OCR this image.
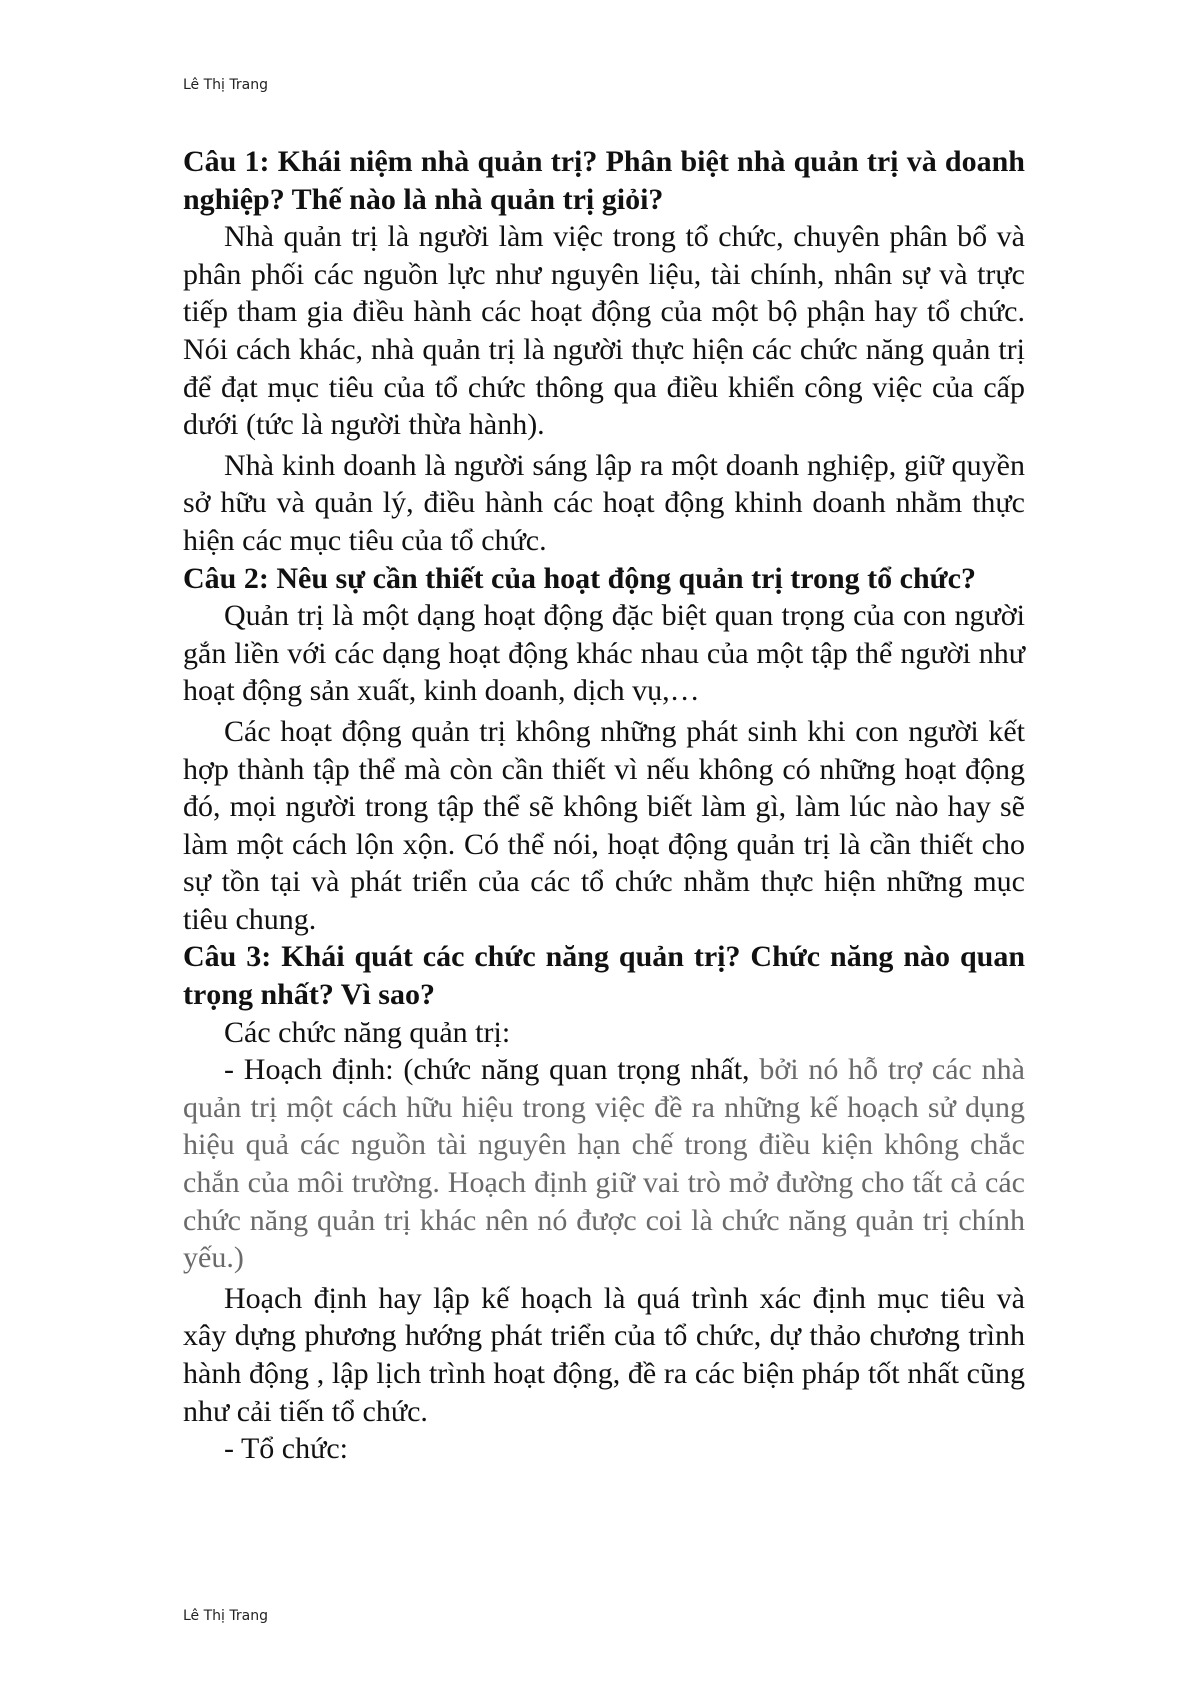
Lê Thị Trang

Câu 1: Khái niệm nhà quản trị? Phân biệt nhà quản trị và doanh nghiệp? Thế nào là nhà quản trị giỏi?

Nhà quản trị là người làm việc trong tổ chức, chuyên phân bổ và phân phối các nguồn lực như nguyên liệu, tài chính, nhân sự và trực tiếp tham gia điều hành các hoạt động của một bộ phận hay tổ chức. Nói cách khác, nhà quản trị là người thực hiện các chức năng quản trị để đạt mục tiêu của tổ chức thông qua điều khiển công việc của cấp dưới (tức là người thừa hành).

Nhà kinh doanh là người sáng lập ra một doanh nghiệp, giữ quyền sở hữu và quản lý, điều hành các hoạt động khinh doanh nhằm thực hiện các mục tiêu của tổ chức.

Câu 2: Nêu sự cần thiết của hoạt động quản trị trong tổ chức?

Quản trị là một dạng hoạt động đặc biệt quan trọng của con người gắn liền với các dạng hoạt động khác nhau của một tập thể người như hoạt động sản xuất, kinh doanh, dịch vụ,…

Các hoạt động quản trị không những phát sinh khi con người kết hợp thành tập thể mà còn cần thiết vì nếu không có những hoạt động đó, mọi người trong tập thể sẽ không biết làm gì, làm lúc nào hay sẽ làm một cách lộn xộn. Có thể nói, hoạt động quản trị là cần thiết cho sự tồn tại và phát triển của các tổ chức nhằm thực hiện những mục tiêu chung.

Câu 3: Khái quát các chức năng quản trị? Chức năng nào quan trọng nhất? Vì sao?

Các chức năng quản trị:

- Hoạch định: (chức năng quan trọng nhất, bởi nó hỗ trợ các nhà quản trị một cách hữu hiệu trong việc đề ra những kế hoạch sử dụng hiệu quả các nguồn tài nguyên hạn chế trong điều kiện không chắc chắn của môi trường. Hoạch định giữ vai trò mở đường cho tất cả các chức năng quản trị khác nên nó được coi là chức năng quản trị chính yếu.)

Hoạch định hay lập kế hoạch là quá trình xác định mục tiêu và xây dựng phương hướng phát triển của tổ chức, dự thảo chương trình hành động , lập lịch trình hoạt động, đề ra các biện pháp tốt nhất cũng như cải tiến tổ chức.

- Tổ chức:

Lê Thị Trang
